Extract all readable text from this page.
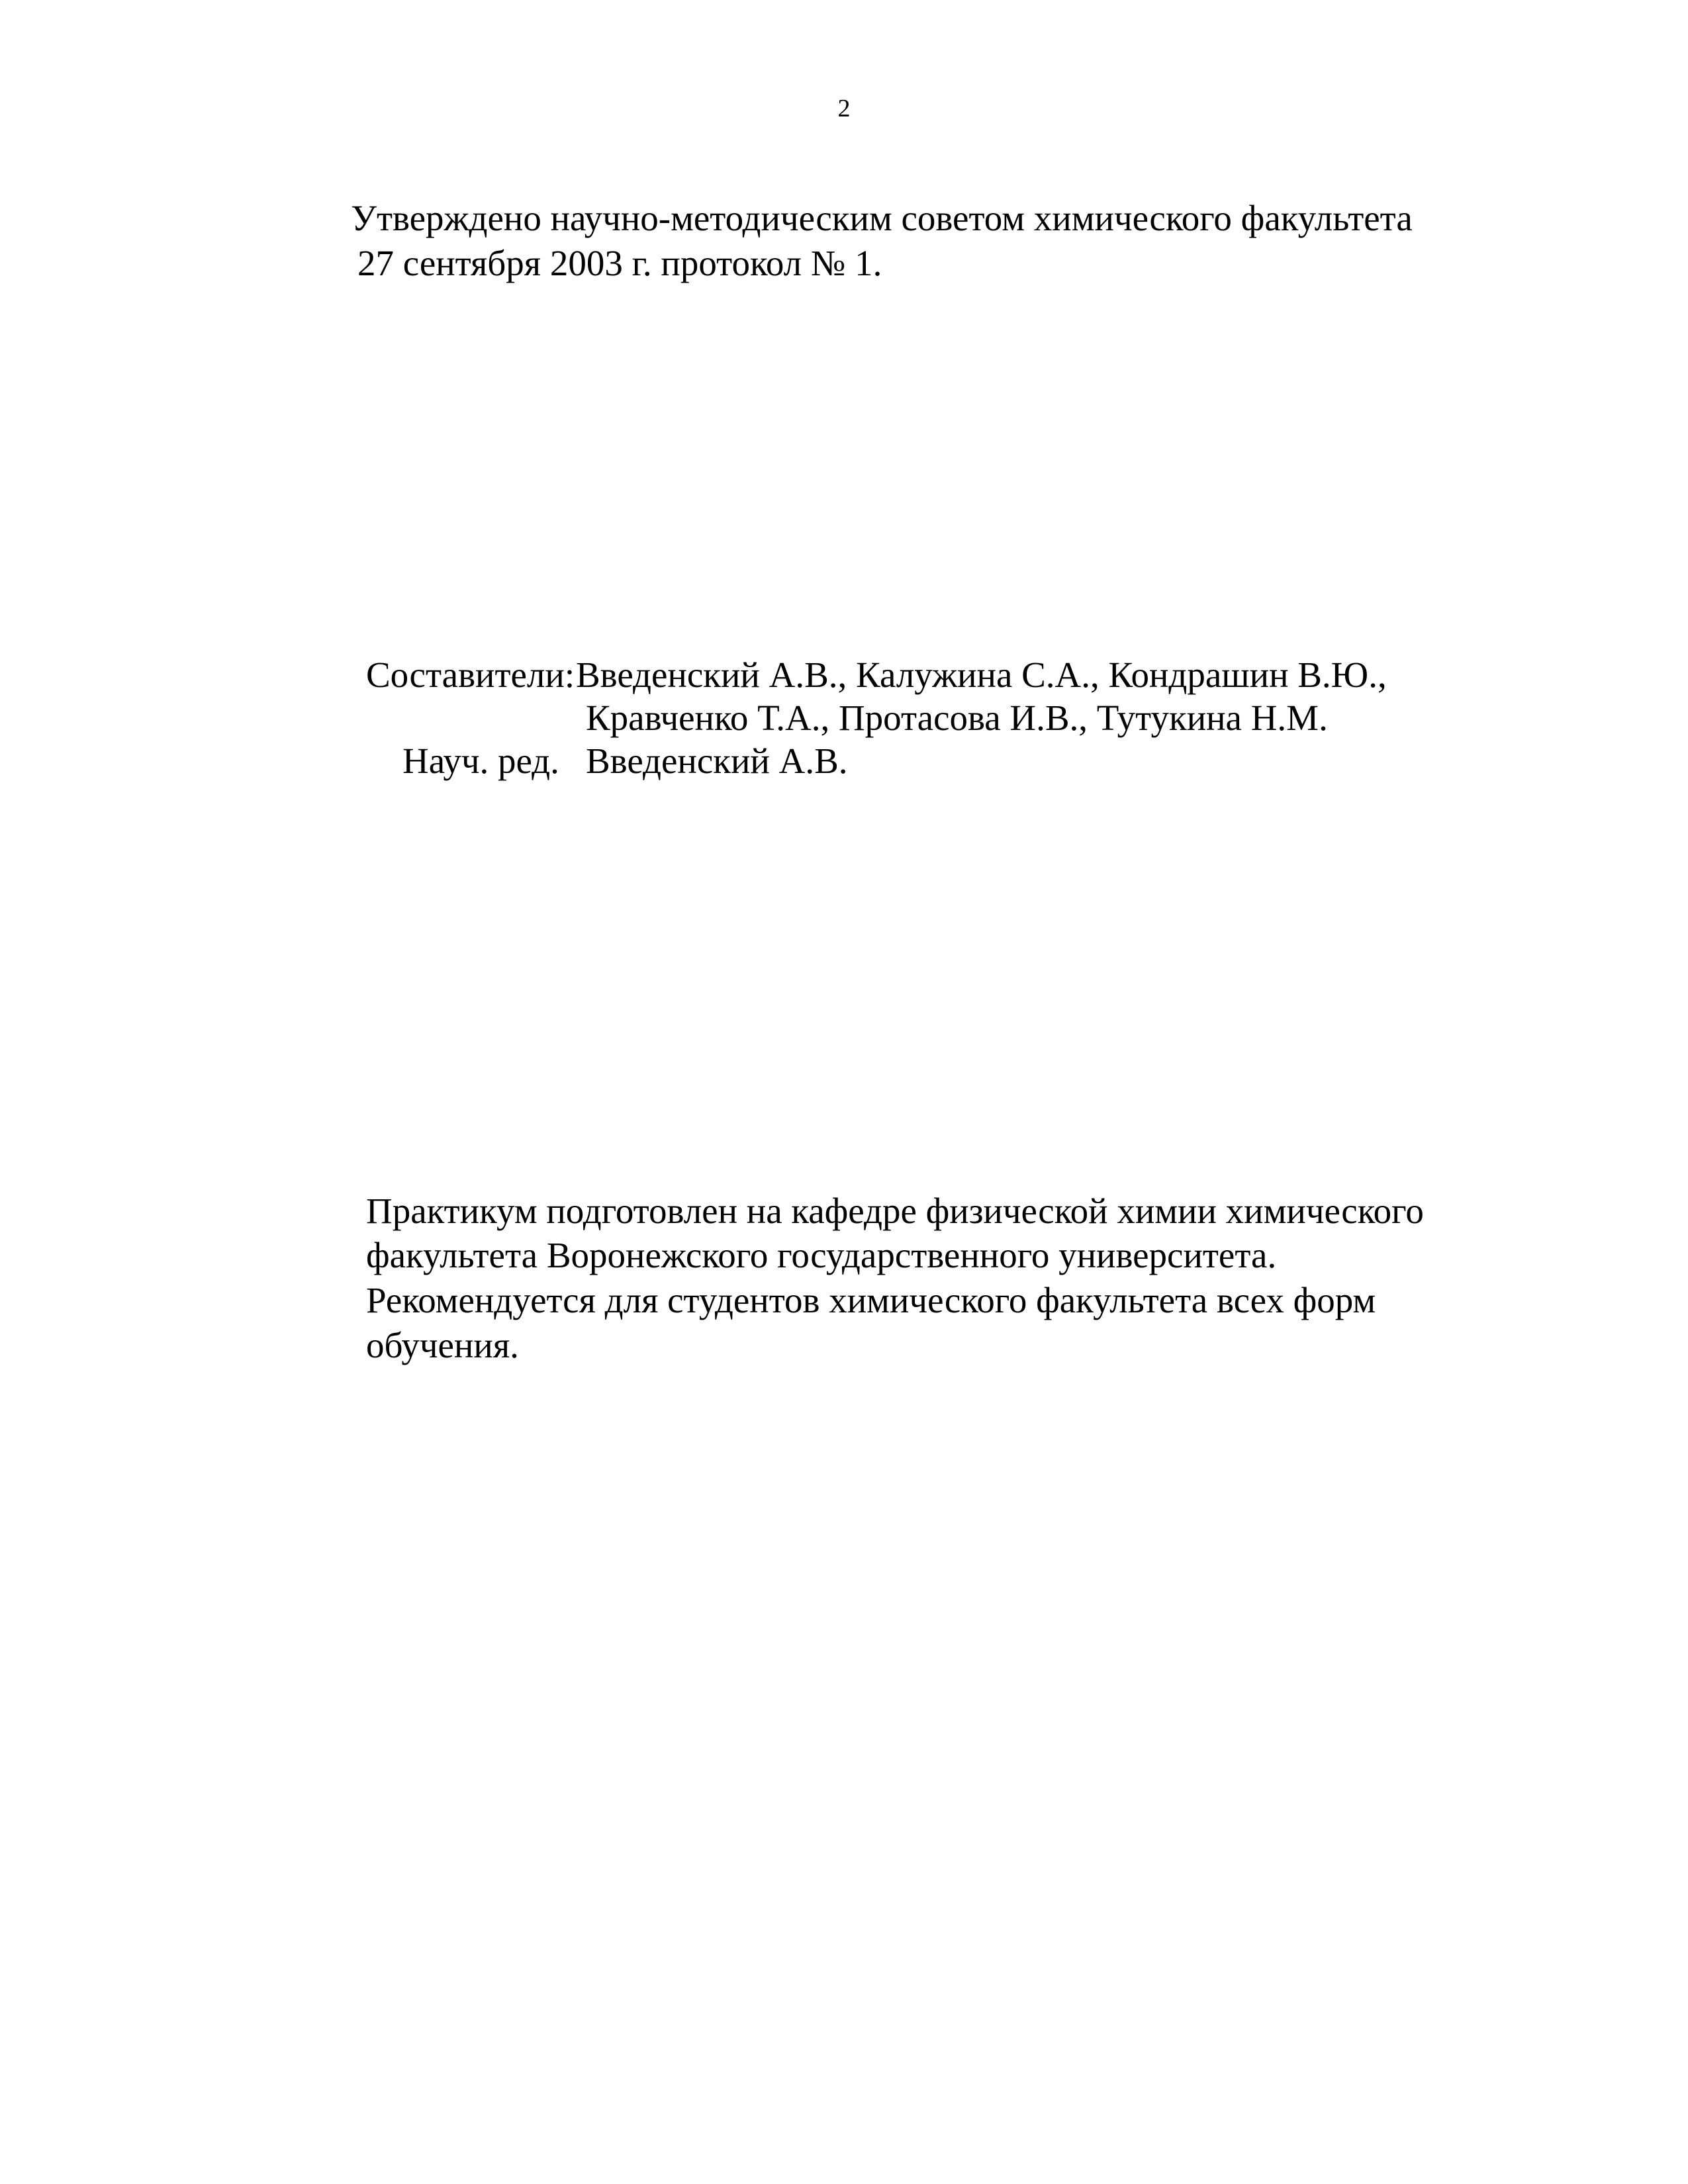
2
Утверждено научно-методическим советом химического факультета
27 сентября 2003 г. протокол № 1.
Составители: Введенский А.В., Калужина С.А., Кондрашин В.Ю.,
Кравченко Т.А., Протасова И.В., Тутукина Н.М.
Науч. ред. Введенский А.В.
Практикум подготовлен на кафедре физической химии химического
факультета Воронежского государственного университета.
Рекомендуется для студентов химического факультета всех форм
обучения.
